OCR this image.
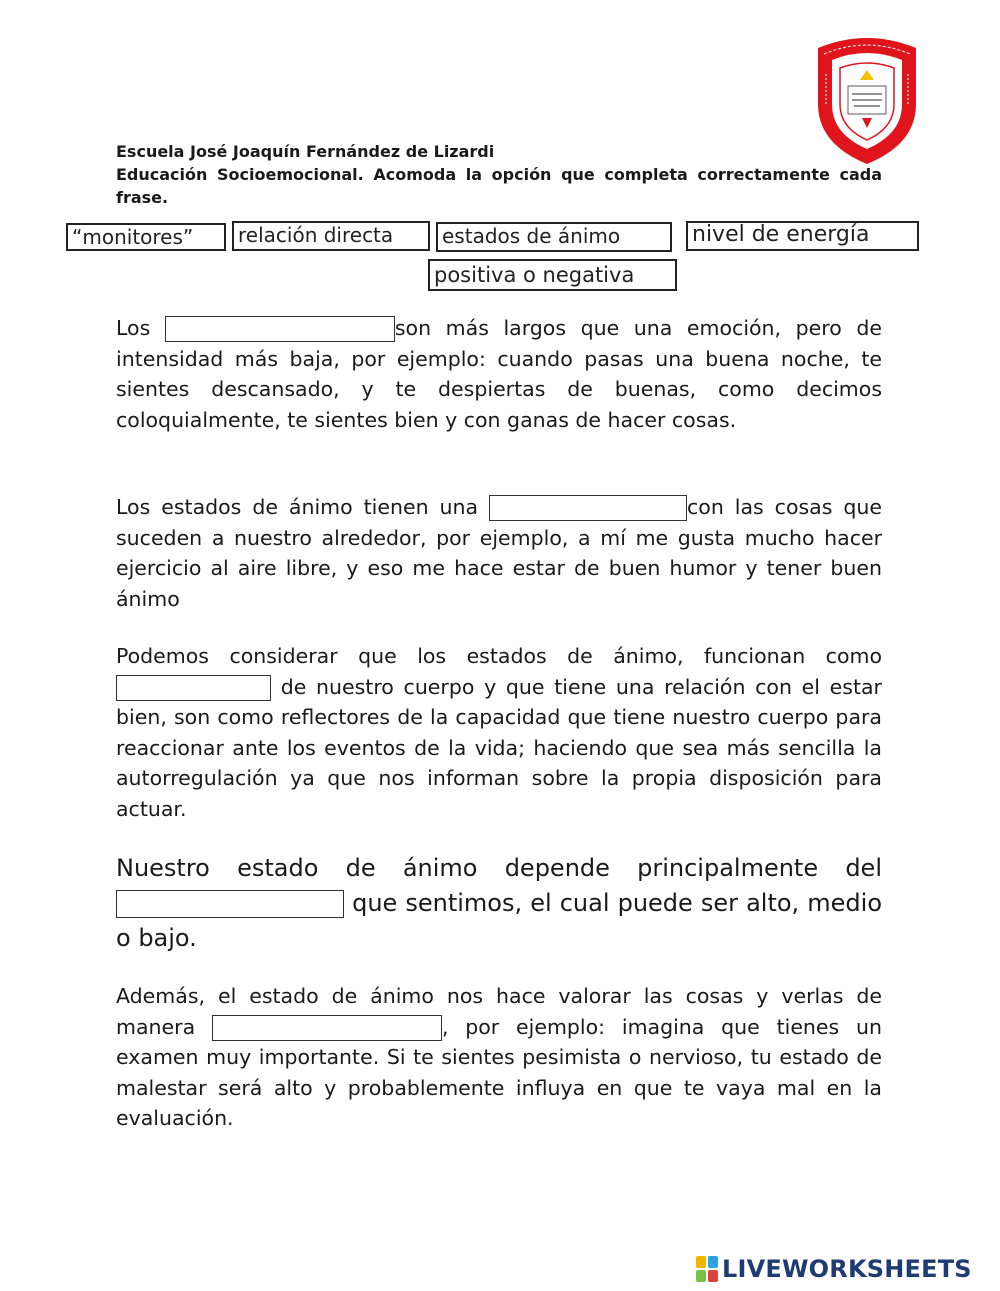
Escuela José Joaquín Fernández de Lizardi
Educación Socioemocional. Acomoda la opción que completa correctamente cada frase.
“monitores”	relación directa	estados de ánimo	nivel de energía
positiva o negativa

Los	son más largos que una emoción, pero de intensidad más baja, por ejemplo: cuando pasas una buena noche, te sientes descansado, y te despiertas de buenas, como decimos coloquialmente, te sientes bien y con ganas de hacer cosas.

Los estados de ánimo tienen una	con las cosas que suceden a nuestro alrededor, por ejemplo, a mí me gusta mucho hacer ejercicio al aire libre, y eso me hace estar de buen humor y tener buen ánimo

Podemos considerar que los estados de ánimo, funcionan como  de nuestro cuerpo y que tiene una relación con el estar bien, son como reflectores de la capacidad que tiene nuestro cuerpo para reaccionar ante los eventos de la vida; haciendo que sea más sencilla la autorregulación ya que nos informan sobre la propia disposición para actuar.

Nuestro estado de ánimo depende principalmente del  que sentimos, el cual puede ser alto, medio o bajo.

Además, el estado de ánimo nos hace valorar las cosas y verlas de manera	, por ejemplo: imagina que tienes un examen muy importante. Si te sientes pesimista o nervioso, tu estado de malestar será alto y probablemente influya en que te vaya mal en la evaluación.

LIVEWORKSHEETS
